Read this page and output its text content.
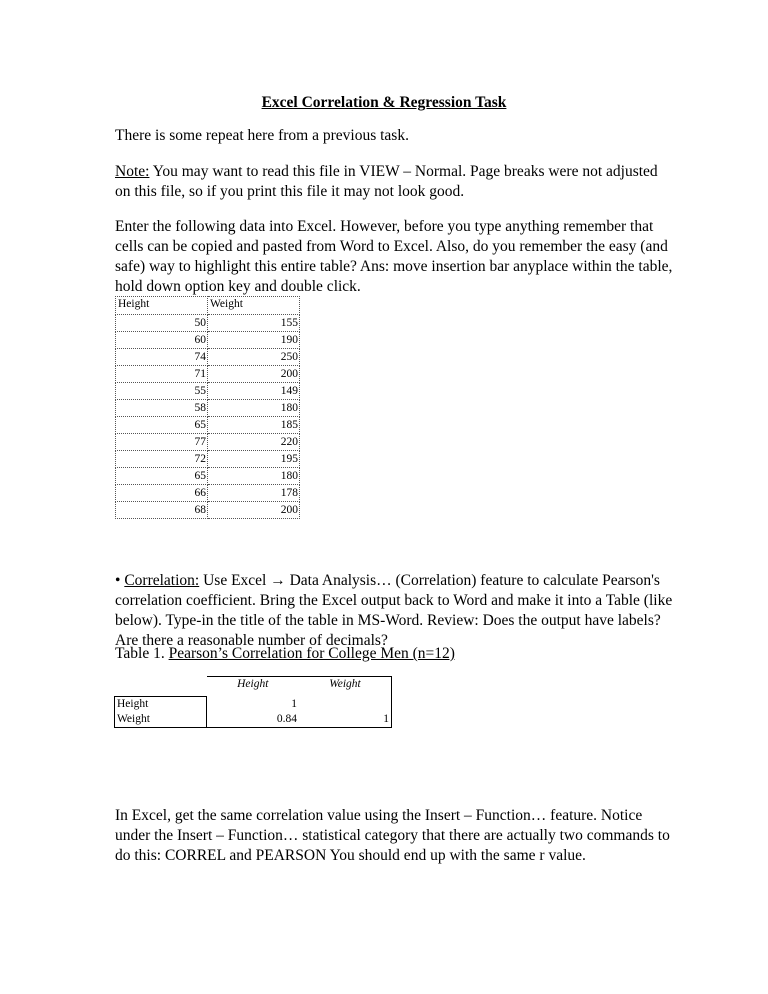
Excel Correlation & Regression Task
There is some repeat here from a previous task.
Note: You may want to read this file in VIEW – Normal. Page breaks were not adjusted on this file, so if you print this file it may not look good.
Enter the following data into Excel. However, before you type anything remember that cells can be copied and pasted from Word to Excel. Also, do you remember the easy (and safe) way to highlight this entire table? Ans: move insertion bar anyplace within the table, hold down option key and double click.
Height	Weight
50	155
60	190
74	250
71	200
55	149
58	180
65	185
77	220
72	195
65	180
66	178
68	200
• Correlation: Use Excel → Data Analysis… (Correlation) feature to calculate Pearson's correlation coefficient. Bring the Excel output back to Word and make it into a Table (like below). Type-in the title of the table in MS-Word. Review: Does the output have labels? Are there a reasonable number of decimals?
Table 1. Pearson’s Correlation for College Men (n=12)
	Height	Weight
Height	1	
Weight	0.84	1
In Excel, get the same correlation value using the Insert – Function… feature. Notice under the Insert – Function… statistical category that there are actually two commands to do this: CORREL and PEARSON You should end up with the same r value.
